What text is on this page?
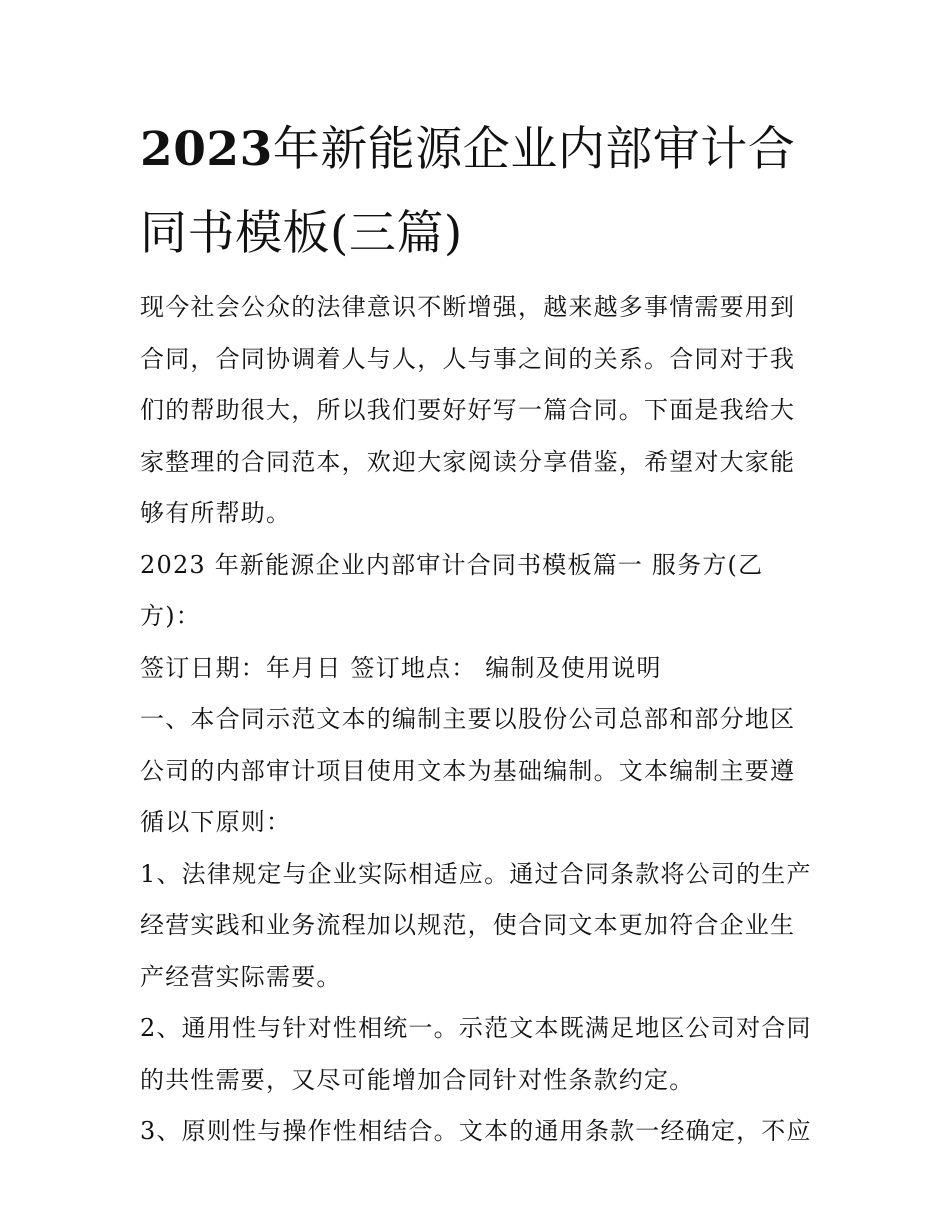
2023年新能源企业内部审计合同书模板(三篇)

现今社会公众的法律意识不断增强，越来越多事情需要用到合同，合同协调着人与人，人与事之间的关系。合同对于我们的帮助很大，所以我们要好好写一篇合同。下面是我给大家整理的合同范本，欢迎大家阅读分享借鉴，希望对大家能够有所帮助。

2023 年新能源企业内部审计合同书模板篇一 服务方(乙方)：

签订日期：年月日 签订地点： 编制及使用说明

一、本合同示范文本的编制主要以股份公司总部和部分地区公司的内部审计项目使用文本为基础编制。文本编制主要遵循以下原则：

1、法律规定与企业实际相适应。通过合同条款将公司的生产经营实践和业务流程加以规范，使合同文本更加符合企业生产经营实际需要。

2、通用性与针对性相统一。示范文本既满足地区公司对合同的共性需要，又尽可能增加合同针对性条款约定。

3、原则性与操作性相结合。文本的通用条款一经确定，不应
